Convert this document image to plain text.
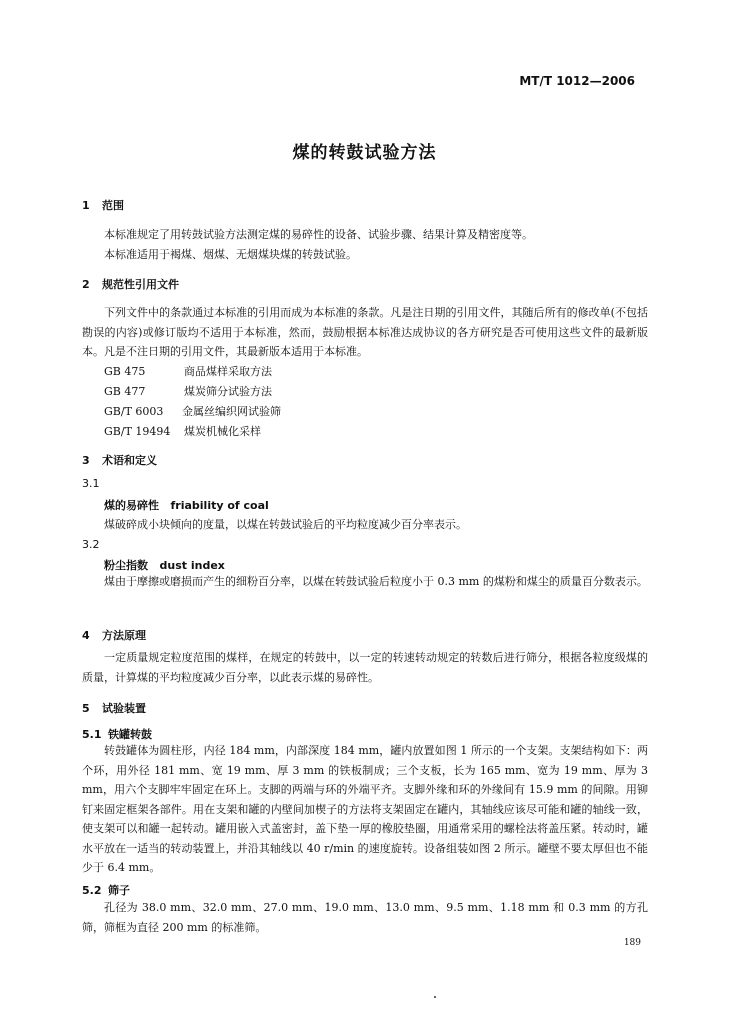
MT/T 1012—2006
煤的转鼓试验方法
1 范围
本标准规定了用转鼓试验方法测定煤的易碎性的设备、试验步骤、结果计算及精密度等。
本标准适用于褐煤、烟煤、无烟煤块煤的转鼓试验。
2 规范性引用文件
下列文件中的条款通过本标准的引用而成为本标准的条款。凡是注日期的引用文件，其随后所有的修改单(不包括勘误的内容)或修订版均不适用于本标准，然而，鼓励根据本标准达成协议的各方研究是否可使用这些文件的最新版本。凡是不注日期的引用文件，其最新版本适用于本标准。
GB 475	商品煤样采取方法
GB 477	煤炭筛分试验方法
GB/T 6003 金属丝编织网试验筛
GB/T 19494 煤炭机械化采样
3 术语和定义
3.1
煤的易碎性 friability of coal
煤破碎成小块倾向的度量，以煤在转鼓试验后的平均粒度减少百分率表示。
3.2
粉尘指数 dust index
煤由于摩擦或磨损而产生的细粉百分率，以煤在转鼓试验后粒度小于 0.3 mm 的煤粉和煤尘的质量百分数表示。
4 方法原理
一定质量规定粒度范围的煤样，在规定的转鼓中，以一定的转速转动规定的转数后进行筛分，根据各粒度级煤的质量，计算煤的平均粒度减少百分率，以此表示煤的易碎性。
5 试验装置
5.1 铁罐转鼓
转鼓罐体为圆柱形，内径 184 mm，内部深度 184 mm，罐内放置如图 1 所示的一个支架。支架结构如下：两个环，用外径 181 mm、宽 19 mm、厚 3 mm 的铁板制成；三个支板，长为 165 mm、宽为 19 mm、厚为 3 mm，用六个支脚牢牢固定在环上。支脚的两端与环的外端平齐。支脚外缘和环的外缘间有 15.9 mm 的间隙。用铆钉来固定框架各部件。用在支架和罐的内壁间加楔子的方法将支架固定在罐内，其轴线应该尽可能和罐的轴线一致，使支架可以和罐一起转动。罐用嵌入式盖密封，盖下垫一厚的橡胶垫圈，用通常采用的螺栓法将盖压紧。转动时，罐水平放在一适当的转动装置上，并沿其轴线以 40 r/min 的速度旋转。设备组装如图 2 所示。罐壁不要太厚但也不能少于 6.4 mm。
5.2 筛子
孔径为 38.0 mm、32.0 mm、27.0 mm、19.0 mm、13.0 mm、9.5 mm、1.18 mm 和 0.3 mm 的方孔筛，筛框为直径 200 mm 的标准筛。
189
